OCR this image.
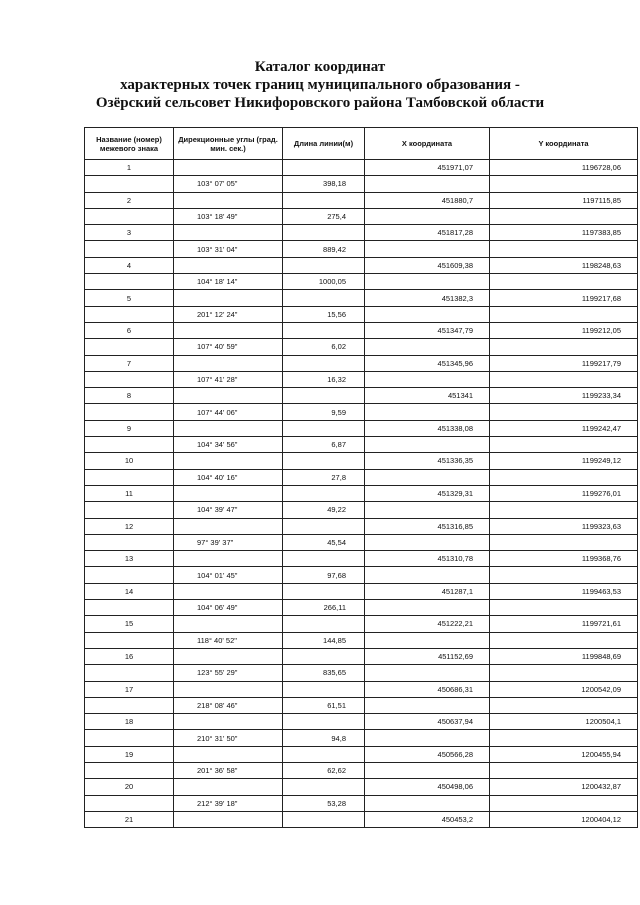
Каталог координат
характерных точек границ муниципального образования -
Озёрский сельсовет Никифоровского района Тамбовской области
Название (номер) межевого знака	Дирекционные углы (град. мин. сек.)	Длина линии(м)	X координата	Y координата
1			451971,07	1196728,06
	103° 07' 05"	398,18		
2			451880,7	1197115,85
	103° 18' 49"	275,4		
3			451817,28	1197383,85
	103° 31' 04"	889,42		
4			451609,38	1198248,63
	104° 18' 14"	1000,05		
5			451382,3	1199217,68
	201° 12' 24"	15,56		
6			451347,79	1199212,05
	107° 40' 59"	6,02		
7			451345,96	1199217,79
	107° 41' 28"	16,32		
8			451341	1199233,34
	107° 44' 06"	9,59		
9			451338,08	1199242,47
	104° 34' 56"	6,87		
10			451336,35	1199249,12
	104° 40' 16"	27,8		
11			451329,31	1199276,01
	104° 39' 47"	49,22		
12			451316,85	1199323,63
	97° 39' 37"	45,54		
13			451310,78	1199368,76
	104° 01' 45"	97,68		
14			451287,1	1199463,53
	104° 06' 49"	266,11		
15			451222,21	1199721,61
	118° 40' 52"	144,85		
16			451152,69	1199848,69
	123° 55' 29"	835,65		
17			450686,31	1200542,09
	218° 08' 46"	61,51		
18			450637,94	1200504,1
	210° 31' 50"	94,8		
19			450566,28	1200455,94
	201° 36' 58"	62,62		
20			450498,06	1200432,87
	212° 39' 18"	53,28		
21			450453,2	1200404,12
